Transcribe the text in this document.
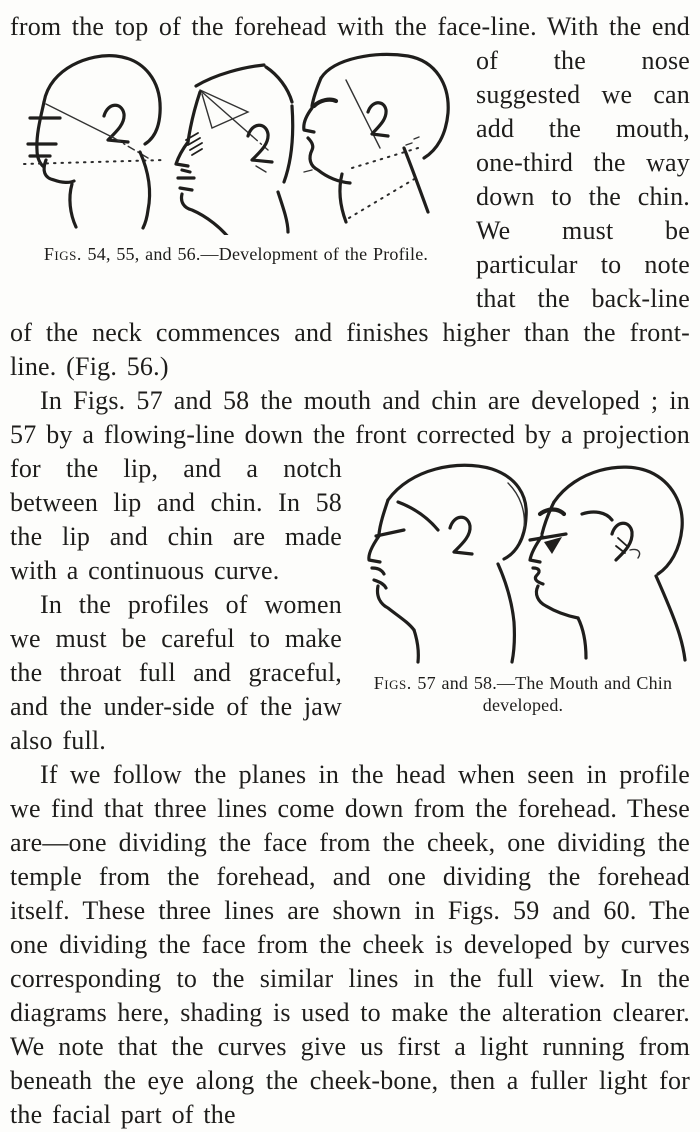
from the top of the forehead with the face-line. With
Figs. 54, 55, and 56.—Development of the Profile.
the end of the nose suggested we can add the mouth, one-third the way down to the chin. We must be particular to note that the back-line of the neck commences and finishes higher than the front-line. (Fig. 56.)

In Figs. 57 and 58 the mouth and chin are developed ; in 57 by a flowing-line down the front corrected by a
Figs. 57 and 58.—The Mouth and Chin developed.
projection for the lip, and a notch between lip and chin. In 58 the lip and chin are made with a continuous curve.

In the profiles of women we must be careful to make the throat full and graceful, and the under-side of the jaw also full.

If we follow the planes in the head when seen in profile we find that three lines come down from the forehead. These are—one dividing the face from the cheek, one dividing the temple from the forehead, and one dividing the forehead itself. These three lines are shown in Figs. 59 and 60. The one dividing the face from the cheek is developed by curves corresponding to the similar lines in the full view. In the diagrams here, shading is used to make the alteration clearer. We note that the curves give us first a light running from beneath the eye along the cheek-bone, then a fuller light for the facial part of the
